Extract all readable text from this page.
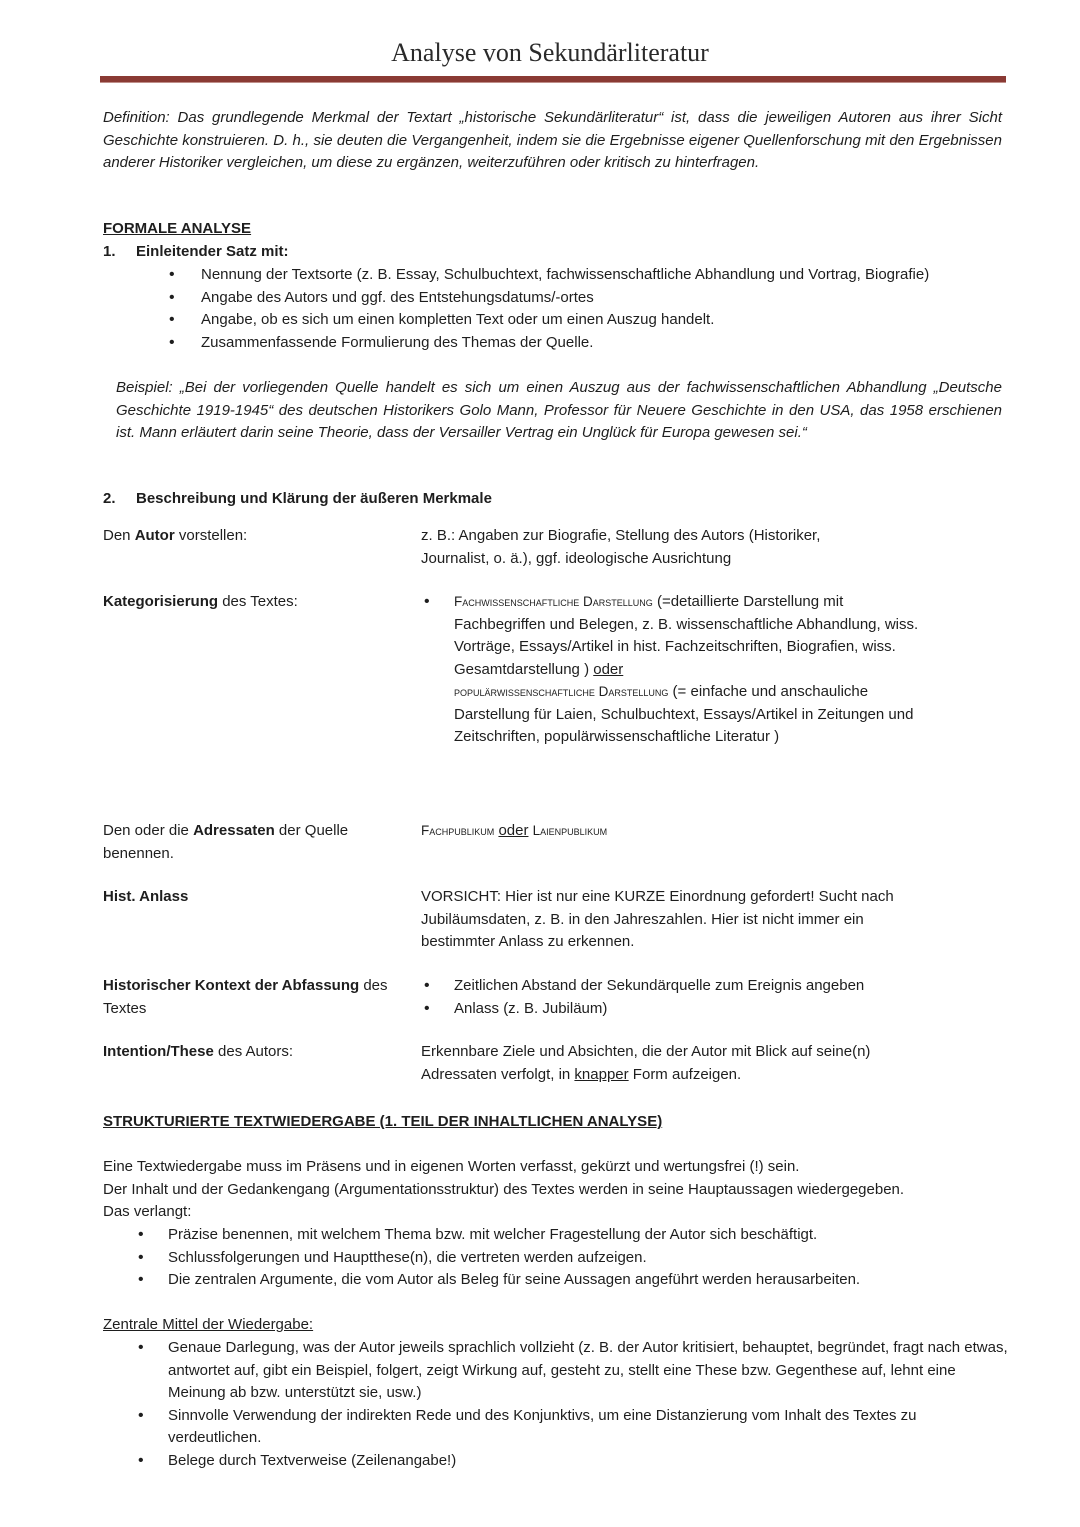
Analyse von Sekundärliteratur
Definition: Das grundlegende Merkmal der Textart „historische Sekundärliteratur“ ist, dass die jeweiligen Autoren aus ihrer Sicht Geschichte konstruieren. D. h., sie deuten die Vergangenheit, indem sie die Ergebnisse eigener Quellenforschung mit den Ergebnissen anderer Historiker vergleichen, um diese zu ergänzen, weiterzuführen oder kritisch zu hinterfragen.
FORMALE ANALYSE
1. Einleitender Satz mit:
• Nennung der Textsorte (z. B. Essay, Schulbuchtext, fachwissenschaftliche Abhandlung und Vortrag, Biografie)
• Angabe des Autors und ggf. des Entstehungsdatums/-ortes
• Angabe, ob es sich um einen kompletten Text oder um einen Auszug handelt.
• Zusammenfassende Formulierung des Themas der Quelle.
Beispiel: „Bei der vorliegenden Quelle handelt es sich um einen Auszug aus der fachwissenschaftlichen Abhandlung „Deutsche Geschichte 1919-1945“ des deutschen Historikers Golo Mann, Professor für Neuere Geschichte in den USA, das 1958 erschienen ist. Mann erläutert darin seine Theorie, dass der Versailler Vertrag ein Unglück für Europa gewesen sei.“
2. Beschreibung und Klärung der äußeren Merkmale
Den Autor vorstellen:	z. B.: Angaben zur Biografie, Stellung des Autors (Historiker, Journalist, o. ä.), ggf. ideologische Ausrichtung
Kategorisierung des Textes:
•	Fachwissenschaftliche Darstellung (=detaillierte Darstellung mit Fachbegriffen und Belegen, z. B. wissenschaftliche Abhandlung, wiss. Vorträge, Essays/Artikel in hist. Fachzeitschriften, Biografien, wiss. Gesamtdarstellung ) oder
populärwissenschaftliche Darstellung (= einfache und anschauliche Darstellung für Laien, Schulbuchtext, Essays/Artikel in Zeitungen und Zeitschriften, populärwissenschaftliche Literatur )
Den oder die Adressaten der Quelle benennen.
Fachpublikum oder Laienpublikum
Hist. Anlass	VORSICHT: Hier ist nur eine KURZE Einordnung gefordert! Sucht nach Jubiläumsdaten, z. B. in den Jahreszahlen. Hier ist nicht immer ein bestimmter Anlass zu erkennen.
Historischer Kontext der Abfassung des Textes
• Zeitlichen Abstand der Sekundärquelle zum Ereignis angeben
• Anlass (z. B. Jubiläum)
Intention/These des Autors:	Erkennbare Ziele und Absichten, die der Autor mit Blick auf seine(n) Adressaten verfolgt, in knapper Form aufzeigen.
STRUKTURIERTE TEXTWIEDERGABE (1. TEIL DER INHALTLICHEN ANALYSE)
Eine Textwiedergabe muss im Präsens und in eigenen Worten verfasst, gekürzt und wertungsfrei (!) sein.
Der Inhalt und der Gedankengang (Argumentationsstruktur) des Textes werden in seine Hauptaussagen wiedergegeben.
Das verlangt:
• Präzise benennen, mit welchem Thema bzw. mit welcher Fragestellung der Autor sich beschäftigt.
• Schlussfolgerungen und Hauptthese(n), die vertreten werden aufzeigen.
• Die zentralen Argumente, die vom Autor als Beleg für seine Aussagen angeführt werden herausarbeiten.
Zentrale Mittel der Wiedergabe:
• Genaue Darlegung, was der Autor jeweils sprachlich vollzieht (z. B. der Autor kritisiert, behauptet, begründet, fragt nach etwas, antwortet auf, gibt ein Beispiel, folgert, zeigt Wirkung auf, gesteht zu, stellt eine These bzw. Gegenthese auf, lehnt eine Meinung ab bzw. unterstützt sie, usw.)
• Sinnvolle Verwendung der indirekten Rede und des Konjunktivs, um eine Distanzierung vom Inhalt des Textes zu verdeutlichen.
• Belege durch Textverweise (Zeilenangabe!)
